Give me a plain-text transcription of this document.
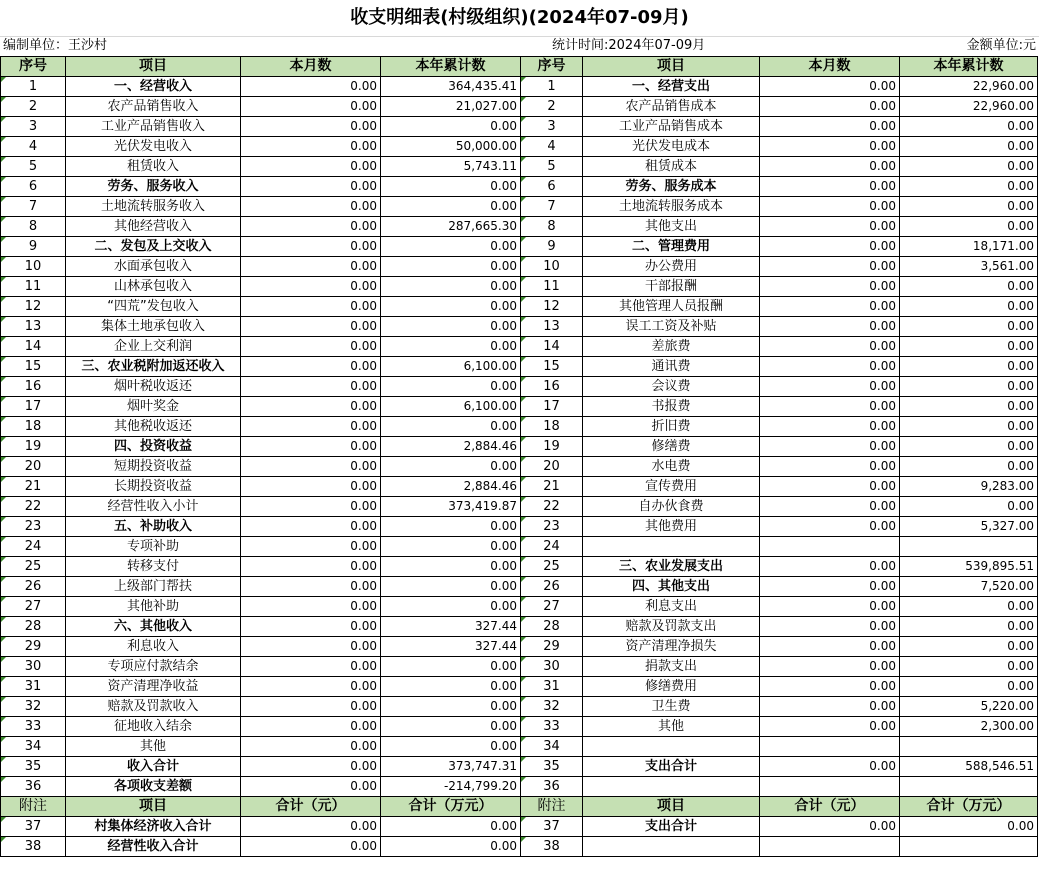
收支明细表(村级组织)(2024年07-09月)
编制单位：王沙村	统计时间:2024年07-09月	金额单位:元
序号	项目	本月数	本年累计数	序号	项目	本月数	本年累计数
1	一、经营收入	0.00	364,435.41	1	一、经营支出	0.00	22,960.00
2	农产品销售收入	0.00	21,027.00	2	农产品销售成本	0.00	22,960.00
3	工业产品销售收入	0.00	0.00	3	工业产品销售成本	0.00	0.00
4	光伏发电收入	0.00	50,000.00	4	光伏发电成本	0.00	0.00
5	租赁收入	0.00	5,743.11	5	租赁成本	0.00	0.00
6	劳务、服务收入	0.00	0.00	6	劳务、服务成本	0.00	0.00
7	土地流转服务收入	0.00	0.00	7	土地流转服务成本	0.00	0.00
8	其他经营收入	0.00	287,665.30	8	其他支出	0.00	0.00
9	二、发包及上交收入	0.00	0.00	9	二、管理费用	0.00	18,171.00
10	水面承包收入	0.00	0.00	10	办公费用	0.00	3,561.00
11	山林承包收入	0.00	0.00	11	干部报酬	0.00	0.00
12	“四荒”发包收入	0.00	0.00	12	其他管理人员报酬	0.00	0.00
13	集体土地承包收入	0.00	0.00	13	误工工资及补贴	0.00	0.00
14	企业上交利润	0.00	0.00	14	差旅费	0.00	0.00
15	三、农业税附加返还收入	0.00	6,100.00	15	通讯费	0.00	0.00
16	烟叶税收返还	0.00	0.00	16	会议费	0.00	0.00
17	烟叶奖金	0.00	6,100.00	17	书报费	0.00	0.00
18	其他税收返还	0.00	0.00	18	折旧费	0.00	0.00
19	四、投资收益	0.00	2,884.46	19	修缮费	0.00	0.00
20	短期投资收益	0.00	0.00	20	水电费	0.00	0.00
21	长期投资收益	0.00	2,884.46	21	宣传费用	0.00	9,283.00
22	经营性收入小计	0.00	373,419.87	22	自办伙食费	0.00	0.00
23	五、补助收入	0.00	0.00	23	其他费用	0.00	5,327.00
24	专项补助	0.00	0.00	24			
25	转移支付	0.00	0.00	25	三、农业发展支出	0.00	539,895.51
26	上级部门帮扶	0.00	0.00	26	四、其他支出	0.00	7,520.00
27	其他补助	0.00	0.00	27	利息支出	0.00	0.00
28	六、其他收入	0.00	327.44	28	赔款及罚款支出	0.00	0.00
29	利息收入	0.00	327.44	29	资产清理净损失	0.00	0.00
30	专项应付款结余	0.00	0.00	30	捐款支出	0.00	0.00
31	资产清理净收益	0.00	0.00	31	修缮费用	0.00	0.00
32	赔款及罚款收入	0.00	0.00	32	卫生费	0.00	5,220.00
33	征地收入结余	0.00	0.00	33	其他	0.00	2,300.00
34	其他	0.00	0.00	34			
35	收入合计	0.00	373,747.31	35	支出合计	0.00	588,546.51
36	各项收支差额	0.00	-214,799.20	36			
附注	项目	合计（元）	合计（万元）	附注	项目	合计（元）	合计（万元）
37	村集体经济收入合计	0.00	0.00	37	支出合计	0.00	0.00
38	经营性收入合计	0.00	0.00	38			
